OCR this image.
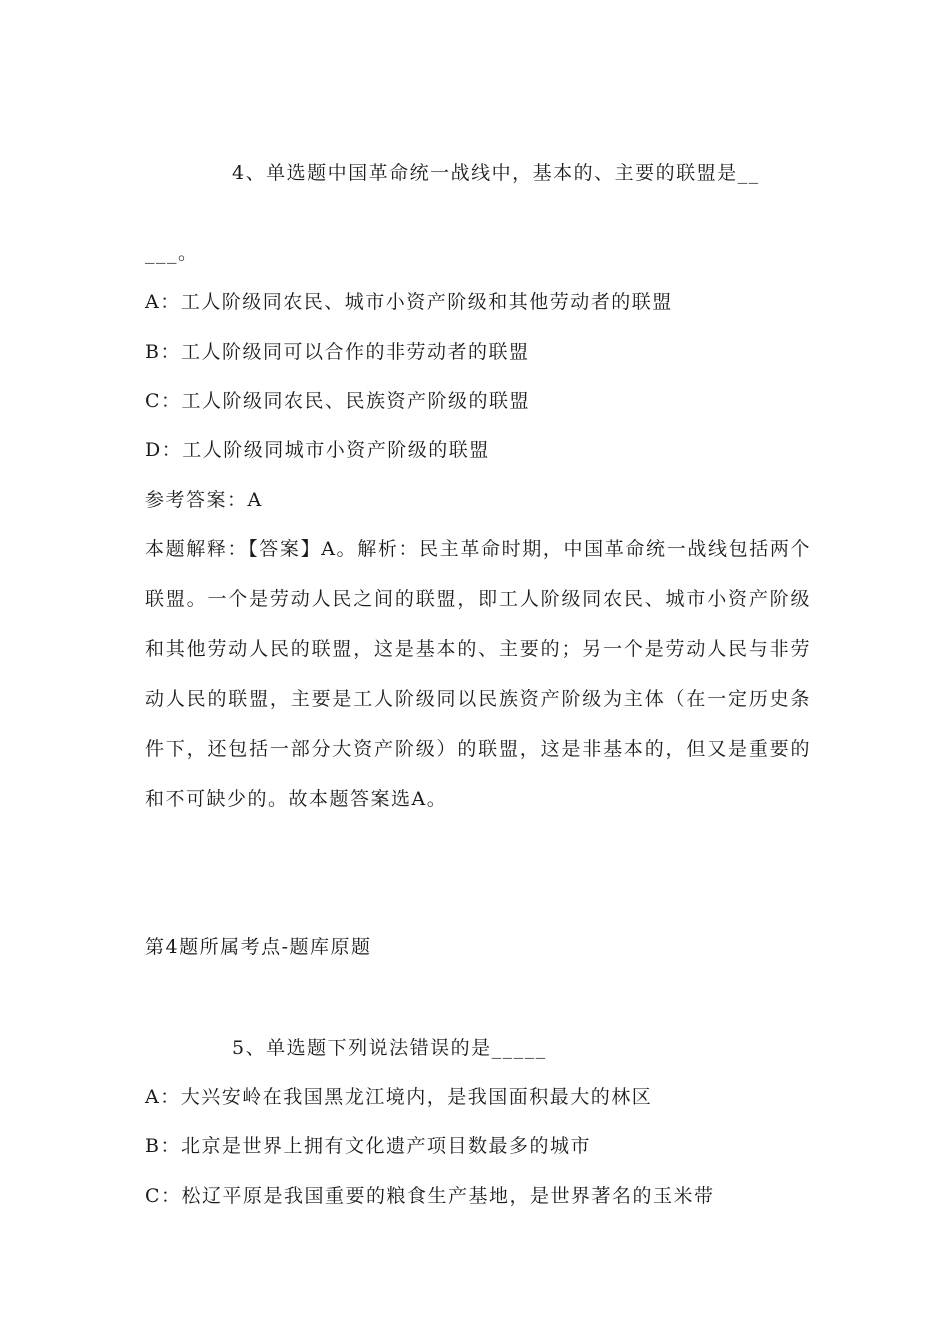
4、单选题中国革命统一战线中，基本的、主要的联盟是__
___。
A：工人阶级同农民、城市小资产阶级和其他劳动者的联盟
B：工人阶级同可以合作的非劳动者的联盟
C：工人阶级同农民、民族资产阶级的联盟
D：工人阶级同城市小资产阶级的联盟
参考答案：A
本题解释：【答案】A。解析：民主革命时期，中国革命统一战线包括两个联盟。一个是劳动人民之间的联盟，即工人阶级同农民、城市小资产阶级和其他劳动人民的联盟，这是基本的、主要的；另一个是劳动人民与非劳动人民的联盟，主要是工人阶级同以民族资产阶级为主体（在一定历史条件下，还包括一部分大资产阶级）的联盟，这是非基本的，但又是重要的和不可缺少的。故本题答案选A。
第4题所属考点-题库原题
5、单选题下列说法错误的是_____
A：大兴安岭在我国黑龙江境内，是我国面积最大的林区
B：北京是世界上拥有文化遗产项目数最多的城市
C：松辽平原是我国重要的粮食生产基地，是世界著名的玉米带
